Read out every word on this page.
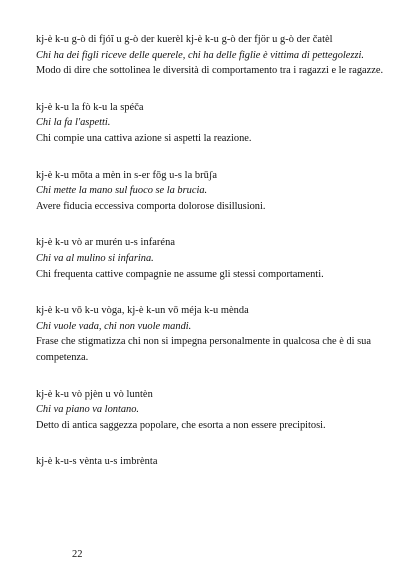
kj-è k-u g-ò di fjóĭ u g-ò der kuerèl kj-è k-u g-ò der fjör u g-ò der čatèl
Chi ha dei figli riceve delle querele, chi ha delle figlie è vittima di pettegolezzi.
Modo di dire che sottolinea le diversità di comportamento tra i ragazzi e le ragazze.
kj-è k-u la fò k-u la spéča
Chi la fa l'aspetti.
Chi compie una cattiva azione si aspetti la reazione.
kj-è k-u mōta a mèn in s-er fōg u-s la brūʃa
Chi mette la mano sul fuoco se la brucia.
Avere fiducia eccessiva comporta dolorose disillusioni.
kj-è k-u vò ar murén u-s infaréna
Chi va al mulino si infarina.
Chi frequenta cattive compagnie ne assume gli stessi comportamenti.
kj-è k-u vō k-u vòga, kj-è k-un vō méja k-u mènda
Chi vuole vada, chi non vuole mandi.
Frase che stigmatizza chi non si impegna personalmente in qualcosa che è di sua competenza.
kj-è k-u vò pjèn u vò luntèn
Chi va piano va lontano.
Detto di antica saggezza popolare, che esorta a non essere precipitosi.
kj-è k-u-s vènta u-s imbrènta
22
